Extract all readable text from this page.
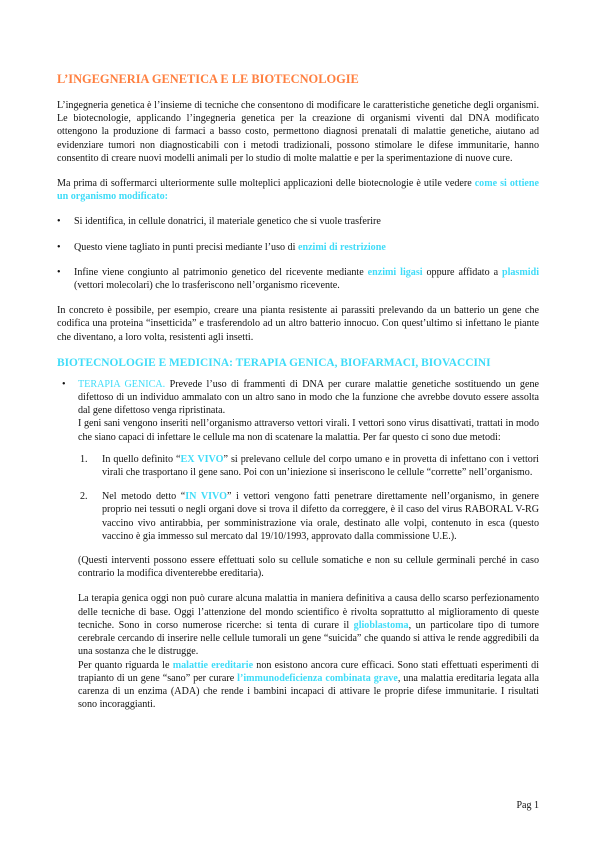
L’INGEGNERIA GENETICA E LE BIOTECNOLOGIE

L’ingegneria genetica è l’insieme di tecniche che consentono di modificare le caratteristiche genetiche degli organismi. Le biotecnologie, applicando l’ingegneria genetica per la creazione di organismi viventi dal DNA modificato ottengono la produzione di farmaci a basso costo, permettono diagnosi prenatali di malattie genetiche, aiutano ad evidenziare tumori non diagnosticabili con i metodi tradizionali, possono stimolare le difese immunitarie, hanno consentito di creare nuovi modelli animali per lo studio di molte malattie e per la sperimentazione di nuove cure.

Ma prima di soffermarci ulteriormente sulle molteplici applicazioni delle biotecnologie è utile vedere come si ottiene un organismo modificato:

• Si identifica, in cellule donatrici, il materiale genetico che si vuole trasferire
• Questo viene tagliato in punti precisi mediante l’uso di enzimi di restrizione
• Infine viene congiunto al patrimonio genetico del ricevente mediante enzimi ligasi oppure affidato a plasmidi (vettori molecolari) che lo trasferiscono nell’organismo ricevente.

In concreto è possibile, per esempio, creare una pianta resistente ai parassiti prelevando da un batterio un gene che codifica una proteina “insetticida” e trasferendolo ad un altro batterio innocuo. Con quest’ultimo si infettano le piante che diventano, a loro volta, resistenti agli insetti.

BIOTECNOLOGIE E MEDICINA: TERAPIA GENICA, BIOFARMACI, BIOVACCINI
• TERAPIA GENICA. Prevede l’uso di frammenti di DNA per curare malattie genetiche sostituendo un gene difettoso di un individuo ammalato con un altro sano in modo che la funzione che avrebbe dovuto essere assolta dal gene difettoso venga ripristinata.

I geni sani vengono inseriti nell’organismo attraverso vettori virali. I vettori sono virus disattivati, trattati in modo che siano capaci di infettare le cellule ma non di scatenare la malattia. Per far questo ci sono due metodi:

1. In quello definito “EX VIVO” si prelevano cellule del corpo umano e in provetta di infettano con i vettori virali che trasportano il gene sano. Poi con un’iniezione si inseriscono le cellule “corrette” nell’organismo.
2. Nel metodo detto “IN VIVO” i vettori vengono fatti penetrare direttamente nell’organismo, in genere proprio nei tessuti o negli organi dove si trova il difetto da correggere, è il caso del virus RABORAL V-RG vaccino vivo antirabbia, per somministrazione via orale, destinato alle volpi, contenuto in esca (questo vaccino è gia immesso sul mercato dal 19/10/1993, approvato dalla commissione U.E.).

(Questi interventi possono essere effettuati solo su cellule somatiche e non su cellule germinali perché in caso contrario la modifica diventerebbe ereditaria).

La terapia genica oggi non può curare alcuna malattia in maniera definitiva a causa dello scarso perfezionamento delle tecniche di base. Oggi l’attenzione del mondo scientifico è rivolta soprattutto al miglioramento di queste tecniche. Sono in corso numerose ricerche: si tenta di curare il glioblastoma, un particolare tipo di tumore cerebrale cercando di inserire nelle cellule tumorali un gene “suicida” che quando si attiva le rende aggredibili da una sostanza che le distrugge.

Per quanto riguarda le malattie ereditarie non esistono ancora cure efficaci. Sono stati effettuati esperimenti di trapianto di un gene “sano” per curare l’immunodeficienza combinata grave, una malattia ereditaria legata alla carenza di un enzima (ADA) che rende i bambini incapaci di attivare le proprie difese immunitarie. I risultati sono incoraggianti.

Pag 1
